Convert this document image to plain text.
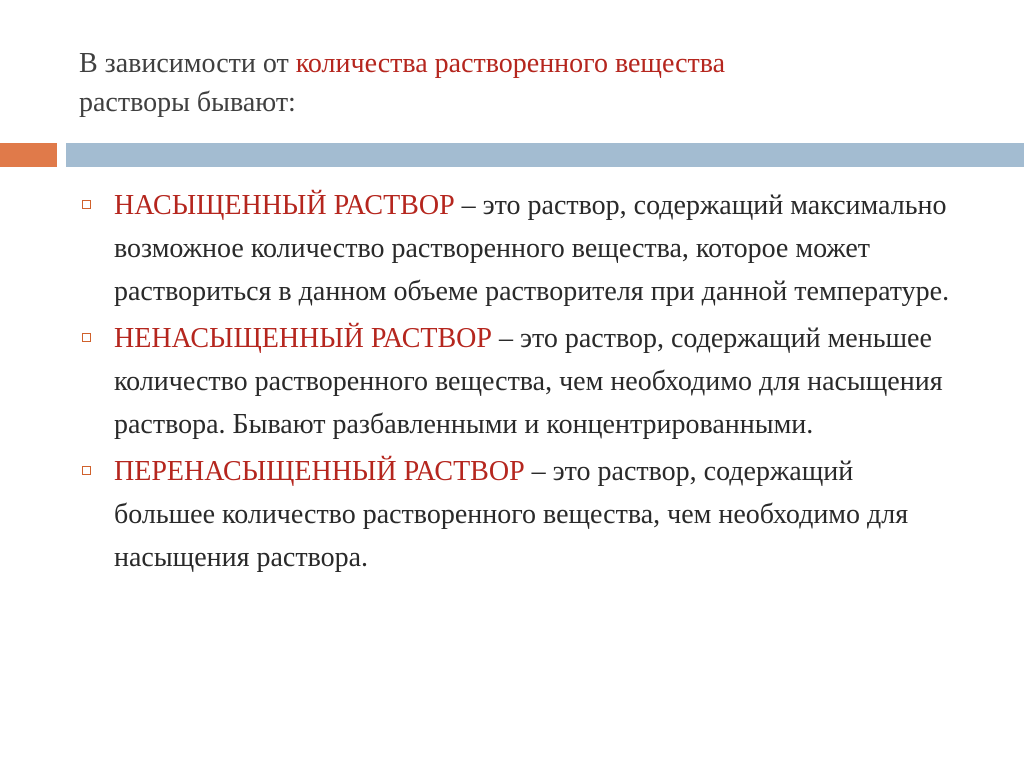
В зависимости от количества растворенного вещества
растворы бывают:
НАСЫЩЕННЫЙ РАСТВОР – это раствор, содержащий максимально возможное количество растворенного вещества, которое может раствориться в данном объеме растворителя при данной температуре.
НЕНАСЫЩЕННЫЙ РАСТВОР – это раствор, содержащий меньшее количество растворенного вещества, чем необходимо для насыщения раствора. Бывают разбавленными и концентрированными.
ПЕРЕНАСЫЩЕННЫЙ РАСТВОР – это раствор, содержащий большее количество растворенного вещества, чем необходимо для насыщения раствора.
